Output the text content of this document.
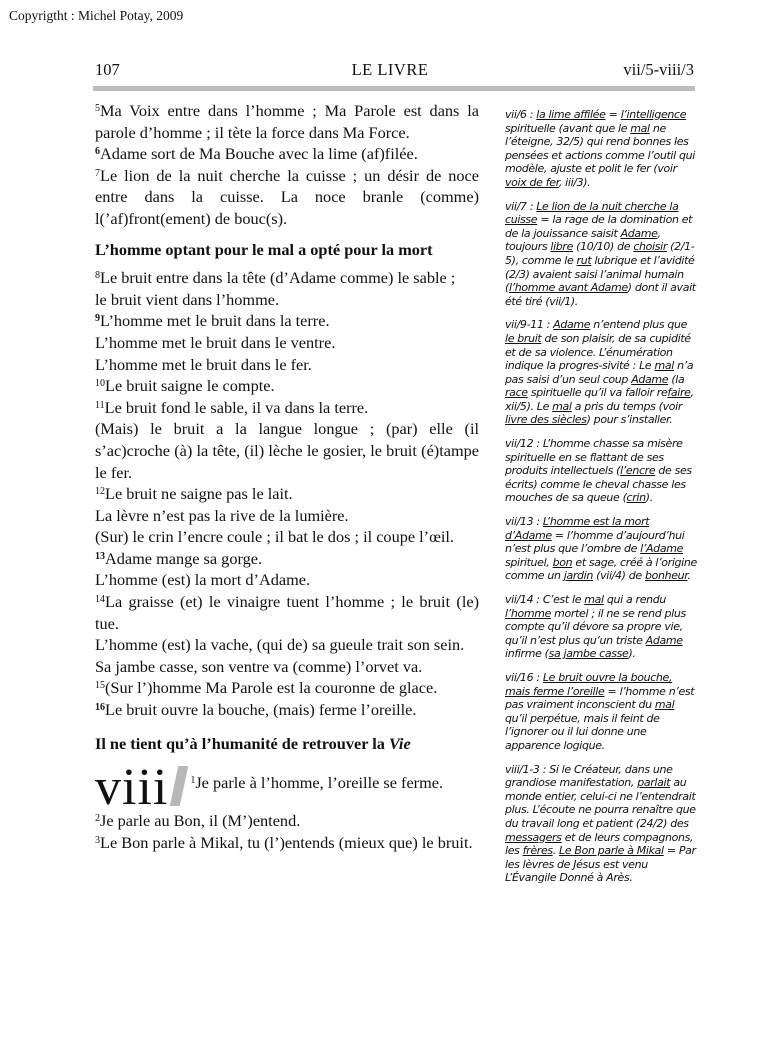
Copyrigtht : Michel Potay, 2009
107	LE LIVRE	vii/5-viii/3

$^5$Ma Voix entre dans l’homme ; Ma Parole est dans la parole d’homme ; il tète la force dans Ma Force.

$^6$Adame sort de Ma Bouche avec la lime (af)filée.

$^7$Le lion de la nuit cherche la cuisse ; un désir de noce entre dans la cuisse. La noce branle (comme) l(’af)front(ement) de bouc(s).

L’homme optant pour le mal a opté pour la mort

$^8$Le bruit entre dans la tête (d’Adame comme) le sable ;

le bruit vient dans l’homme.

$^9$L’homme met le bruit dans la terre.

L’homme met le bruit dans le ventre.

L’homme met le bruit dans le fer.

$^{10}$Le bruit saigne le compte.

$^{11}$Le bruit fond le sable, il va dans la terre.

(Mais) le bruit a la langue longue ; (par) elle (il s’ac)croche (à) la tête, (il) lèche le gosier, le bruit (é)tampe le fer.

$^{12}$Le bruit ne saigne pas le lait.

La lèvre n’est pas la rive de la lumière.

(Sur) le crin l’encre coule ; il bat le dos ; il coupe l’œil.

$^{13}$Adame mange sa gorge.

L’homme (est) la mort d’Adame.

$^{14}$La graisse (et) le vinaigre tuent l’homme ; le bruit (le) tue.

L’homme (est) la vache, (qui de) sa gueule trait son sein.

Sa jambe casse, son ventre va (comme) l’orvet va.

$^{15}$(Sur l’)homme Ma Parole est la couronne de glace.

$^{16}$Le bruit ouvre la bouche, (mais) ferme l’oreille.

Il ne tient qu’à l’humanité de retrouver la Vie

viii	$^1$Je parle à l’homme, l’oreille se ferme.

$^2$Je parle au Bon, il (M’)entend.

$^3$Le Bon parle à Mikal, tu (l’)entends (mieux que) le bruit.

vii/6 : la lime affilée = l’intelligence spirituelle (avant que le mal ne l’éteigne, 32/5) qui rend bonnes les pensées et actions comme l’outil qui modèle, ajuste et polit le fer (voir voix de fer, iii/3).

vii/7 : Le lion de la nuit cherche la cuisse = la rage de la domination et de la jouissance saisit Adame, toujours libre (10/10) de choisir (2/1-5), comme le rut lubrique et l’avidité (2/3) avaient saisi l’animal humain (l’homme avant Adame) dont il avait été tiré (vii/1).

vii/9-11 : Adame n’entend plus que le bruit de son plaisir, de sa cupidité et de sa violence. L’énumération indique la progres-sivité : Le mal n’a pas saisi d’un seul coup Adame (la race spirituelle qu’il va falloir refaire, xii/5). Le mal a pris du temps (voir livre des siècles) pour s’installer.

vii/12 : L’homme chasse sa misère spirituelle en se flattant de ses produits intellectuels (l’encre de ses écrits) comme le cheval chasse les mouches de sa queue (crin).

vii/13 : L’homme est la mort d’Adame = l’homme d’aujourd’hui n’est plus que l’ombre de l’Adame spirituel, bon et sage, créé à l’origine comme un jardin (vii/4) de bonheur.

vii/14 : C’est le mal qui a rendu l’homme mortel ; il ne se rend plus compte qu’il dévore sa propre vie, qu’il n’est plus qu’un triste Adame infirme (sa jambe casse).

vii/16 : Le bruit ouvre la bouche, mais ferme l’oreille = l’homme n’est pas vraiment inconscient du mal qu’il perpétue, mais il feint de l’ignorer ou il lui donne une apparence logique.

viii/1-3 : Si le Créateur, dans une grandiose manifestation, parlait au monde entier, celui-ci ne l’entendrait plus. L’écoute ne pourra renaître que du travail long et patient (24/2) des messagers et de leurs compagnons, les frères. Le Bon parle à Mikal = Par les lèvres de Jésus est venu L’Évangile Donné à Arès.
